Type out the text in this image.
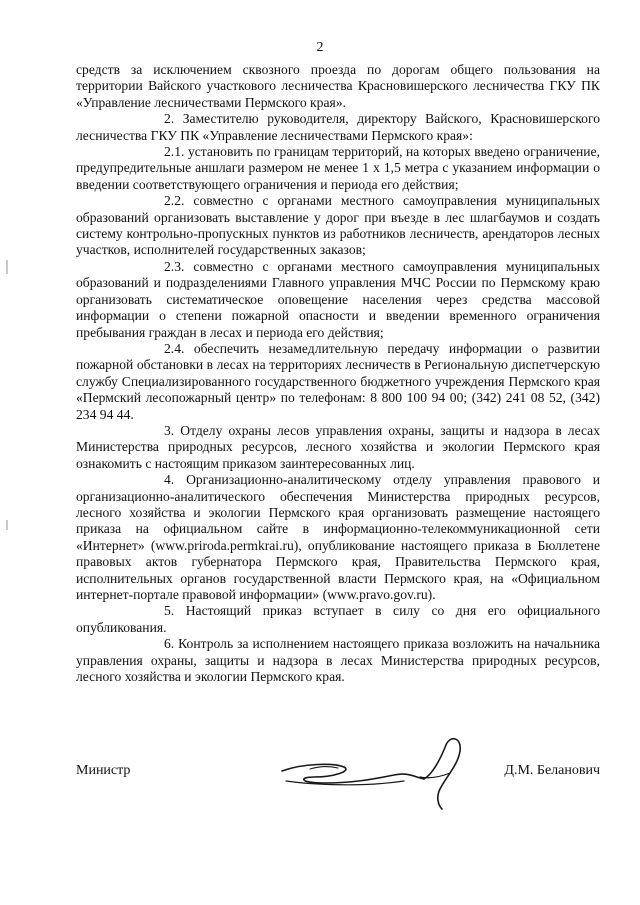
2

средств за исключением сквозного проезда по дорогам общего пользования на территории Вайского участкового лесничества Красновишерского лесничества ГКУ ПК «Управление лесничествами Пермского края».

2. Заместителю руководителя, директору Вайского, Красновишерского лесничества ГКУ ПК «Управление лесничествами Пермского края»:

2.1. установить по границам территорий, на которых введено ограничение, предупредительные аншлаги размером не менее 1 х 1,5 метра с указанием информации о введении соответствующего ограничения и периода его действия;

2.2. совместно с органами местного самоуправления муниципальных образований организовать выставление у дорог при въезде в лес шлагбаумов и создать систему контрольно-пропускных пунктов из работников лесничеств, арендаторов лесных участков, исполнителей государственных заказов;

2.3. совместно с органами местного самоуправления муниципальных образований и подразделениями Главного управления МЧС России по Пермскому краю организовать систематическое оповещение населения через средства массовой информации о степени пожарной опасности и введении временного ограничения пребывания граждан в лесах и периода его действия;

2.4. обеспечить незамедлительную передачу информации о развитии пожарной обстановки в лесах на территориях лесничеств в Региональную диспетчерскую службу Специализированного государственного бюджетного учреждения Пермского края «Пермский лесопожарный центр» по телефонам: 8 800 100 94 00; (342) 241 08 52, (342) 234 94 44.

3. Отделу охраны лесов управления охраны, защиты и надзора в лесах Министерства природных ресурсов, лесного хозяйства и экологии Пермского края ознакомить с настоящим приказом заинтересованных лиц.

4. Организационно-аналитическому отделу управления правового и организационно-аналитического обеспечения Министерства природных ресурсов, лесного хозяйства и экологии Пермского края организовать размещение настоящего приказа на официальном сайте в информационно-телекоммуникационной сети «Интернет» (www.priroda.permkrai.ru), опубликование настоящего приказа в Бюллетене правовых актов губернатора Пермского края, Правительства Пермского края, исполнительных органов государственной власти Пермского края, на «Официальном интернет-портале правовой информации» (www.pravo.gov.ru).

5. Настоящий приказ вступает в силу со дня его официального опубликования.

6. Контроль за исполнением настоящего приказа возложить на начальника управления охраны, защиты и надзора в лесах Министерства природных ресурсов, лесного хозяйства и экологии Пермского края.

Министр	Д.М. Беланович
